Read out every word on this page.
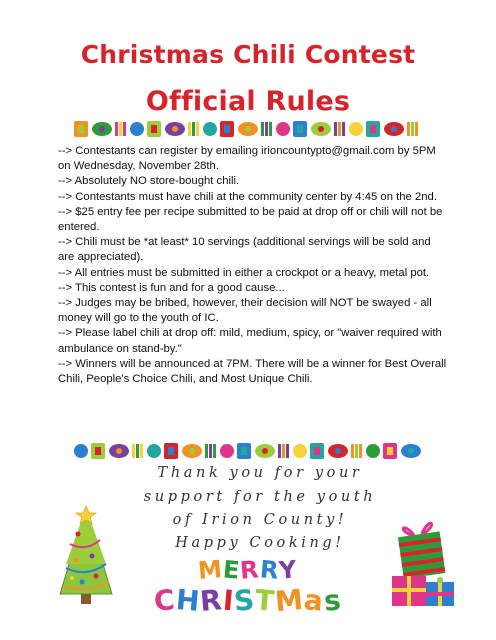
Christmas Chili Contest
Official Rules

--> Contestants can register by emailing irioncountypto@gmail.com by 5PM on Wednesday, November 28th.

--> Absolutely NO store-bought chili.

--> Contestants must have chili at the community center by 4:45 on the 2nd.

--> $25 entry fee per recipe submitted to be paid at drop off or chili will not be entered.

--> Chili must be *at least* 10 servings (additional servings will be sold and are appreciated).

--> All entries must be submitted in either a crockpot or a heavy, metal pot.

--> This contest is fun and for a good cause...

--> Judges may be bribed, however, their decision will NOT be swayed - all money will go to the youth of IC.

--> Please label chili at drop off: mild, medium, spicy, or "waiver required with ambulance on stand-by."

--> Winners will be announced at 7PM. There will be a winner for Best Overall Chili, People's Choice Chili, and Most Unique Chili.

Thank you for your
support for the youth
of Irion County!
Happy Cooking!
MERRY
CHRISTMas
